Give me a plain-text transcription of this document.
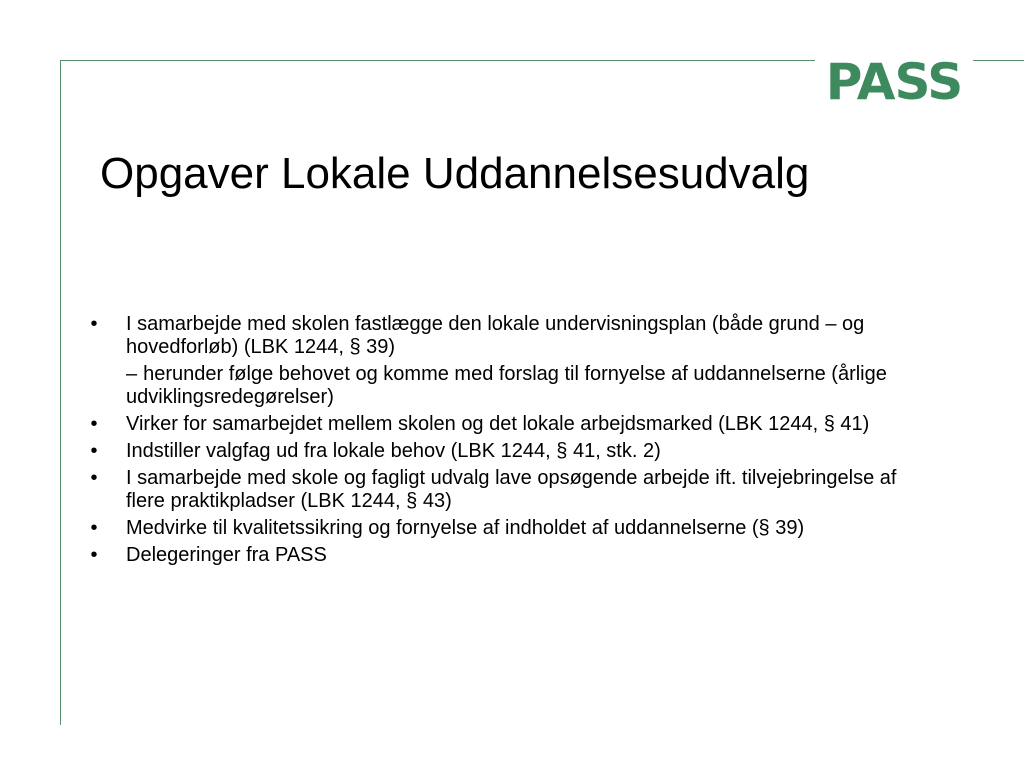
PASS
Opgaver Lokale Uddannelsesudvalg
•	I samarbejde med skolen fastlægge den lokale undervisningsplan (både grund – og hovedforløb) (LBK 1244, § 39)
– herunder følge behovet og komme med forslag til fornyelse af uddannelserne (årlige udviklingsredegørelser)
•	Virker for samarbejdet mellem skolen og det lokale arbejdsmarked (LBK 1244, § 41)
•	Indstiller valgfag ud fra lokale behov (LBK 1244, § 41, stk. 2)
•	I samarbejde med skole og fagligt udvalg lave opsøgende arbejde ift. tilvejebringelse af flere praktikpladser (LBK 1244, § 43)
•	Medvirke til kvalitetssikring og fornyelse af indholdet af uddannelserne (§ 39)
•	Delegeringer fra PASS
